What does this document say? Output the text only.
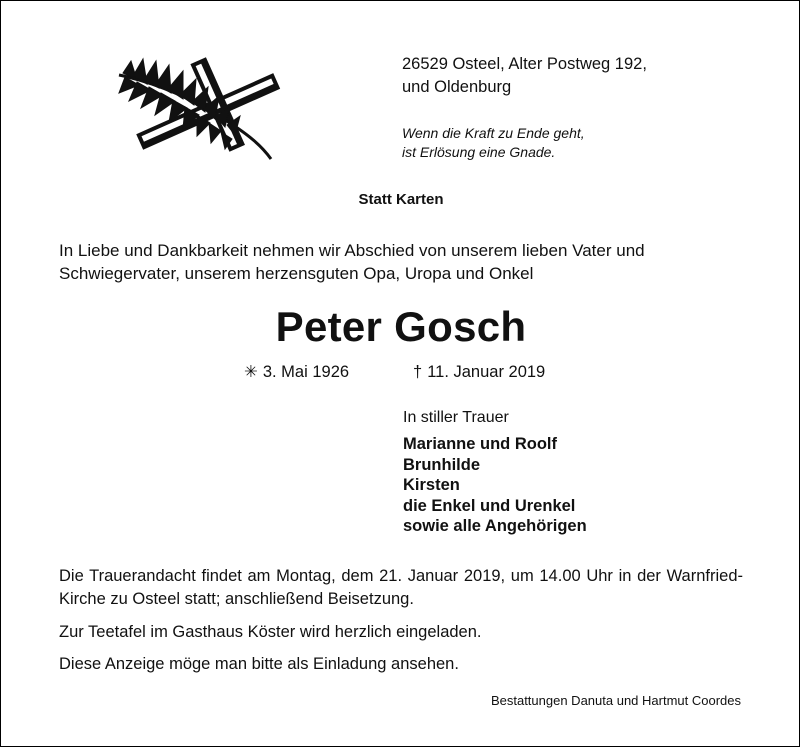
26529 Osteel, Alter Postweg 192,
und Oldenburg
Wenn die Kraft zu Ende geht,
ist Erlösung eine Gnade.
Statt Karten
In Liebe und Dankbarkeit nehmen wir Abschied von unserem lieben Vater und
Schwiegervater, unserem herzensguten Opa, Uropa und Onkel
Peter Gosch
✳ 3. Mai 1926	† 11. Januar 2019
In stiller Trauer
Marianne und Roolf
Brunhilde
Kirsten
die Enkel und Urenkel
sowie alle Angehörigen
Die Trauerandacht findet am Montag, dem 21. Januar 2019, um 14.00 Uhr in der Warnfried-Kirche zu Osteel statt; anschließend Beisetzung.
Zur Teetafel im Gasthaus Köster wird herzlich eingeladen.
Diese Anzeige möge man bitte als Einladung ansehen.
Bestattungen Danuta und Hartmut Coordes
